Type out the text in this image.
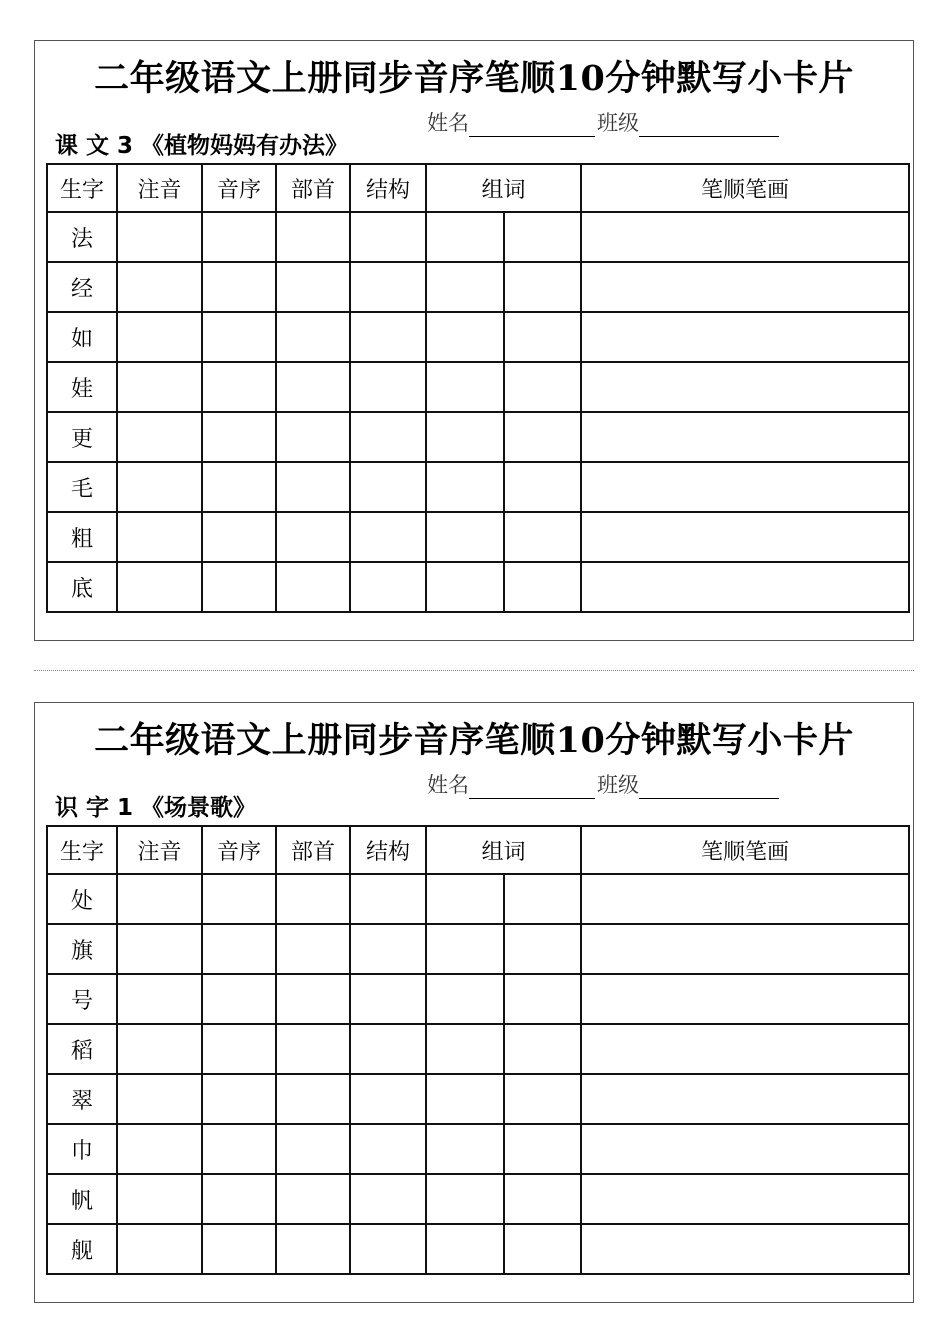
二年级语文上册同步音序笔顺10分钟默写小卡片
课 文 3 《植物妈妈有办法》
姓名	班级
生字	注音	音序	部首	结构	组词		笔顺笔画
法							
经							
如							
娃							
更							
毛							
粗							
底							
二年级语文上册同步音序笔顺10分钟默写小卡片
识 字 1 《场景歌》
姓名	班级
生字	注音	音序	部首	结构	组词		笔顺笔画
处							
旗							
号							
稻							
翠							
巾							
帆							
舰							
